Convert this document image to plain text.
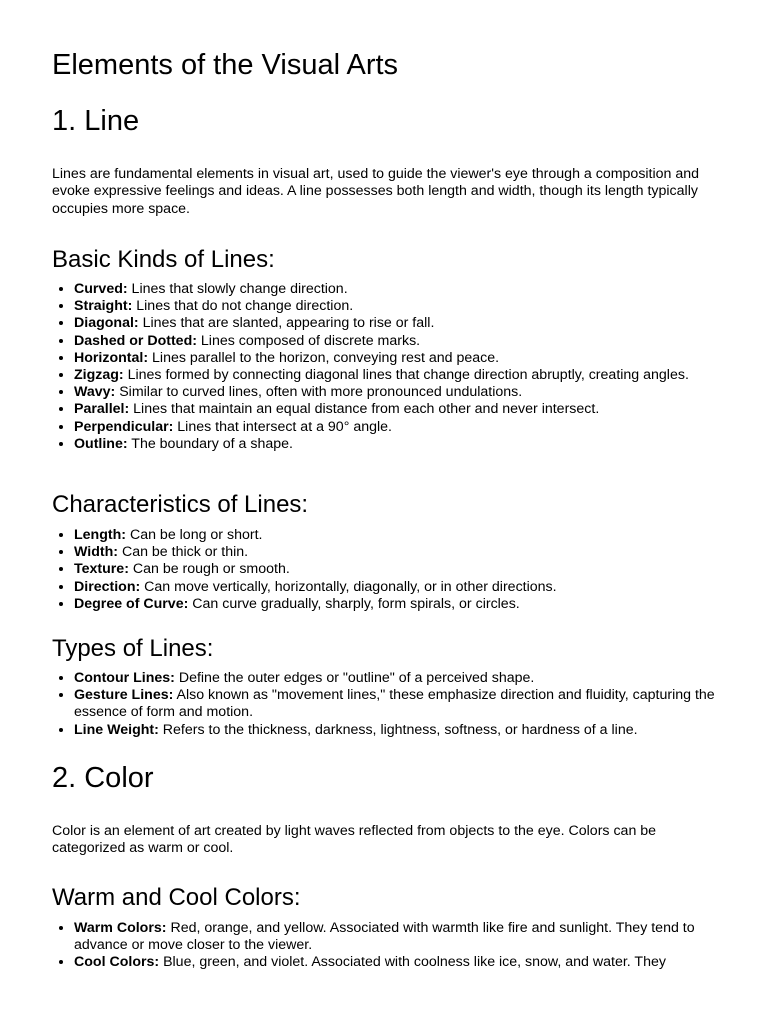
Elements of the Visual Arts
1. Line

Lines are fundamental elements in visual art, used to guide the viewer's eye through a composition and evoke expressive feelings and ideas. A line possesses both length and width, though its length typically occupies more space.

Basic Kinds of Lines:
• Curved: Lines that slowly change direction.
• Straight: Lines that do not change direction.
• Diagonal: Lines that are slanted, appearing to rise or fall.
• Dashed or Dotted: Lines composed of discrete marks.
• Horizontal: Lines parallel to the horizon, conveying rest and peace.
• Zigzag: Lines formed by connecting diagonal lines that change direction abruptly, creating angles.
• Wavy: Similar to curved lines, often with more pronounced undulations.
• Parallel: Lines that maintain an equal distance from each other and never intersect.
• Perpendicular: Lines that intersect at a 90° angle.
• Outline: The boundary of a shape.
Characteristics of Lines:
• Length: Can be long or short.
• Width: Can be thick or thin.
• Texture: Can be rough or smooth.
• Direction: Can move vertically, horizontally, diagonally, or in other directions.
• Degree of Curve: Can curve gradually, sharply, form spirals, or circles.
Types of Lines:
• Contour Lines: Define the outer edges or "outline" of a perceived shape.
• Gesture Lines: Also known as "movement lines," these emphasize direction and fluidity, capturing the essence of form and motion.
• Line Weight: Refers to the thickness, darkness, lightness, softness, or hardness of a line.
2. Color

Color is an element of art created by light waves reflected from objects to the eye. Colors can be categorized as warm or cool.

Warm and Cool Colors:
• Warm Colors: Red, orange, and yellow. Associated with warmth like fire and sunlight. They tend to advance or move closer to the viewer.
• Cool Colors: Blue, green, and violet. Associated with coolness like ice, snow, and water. They
